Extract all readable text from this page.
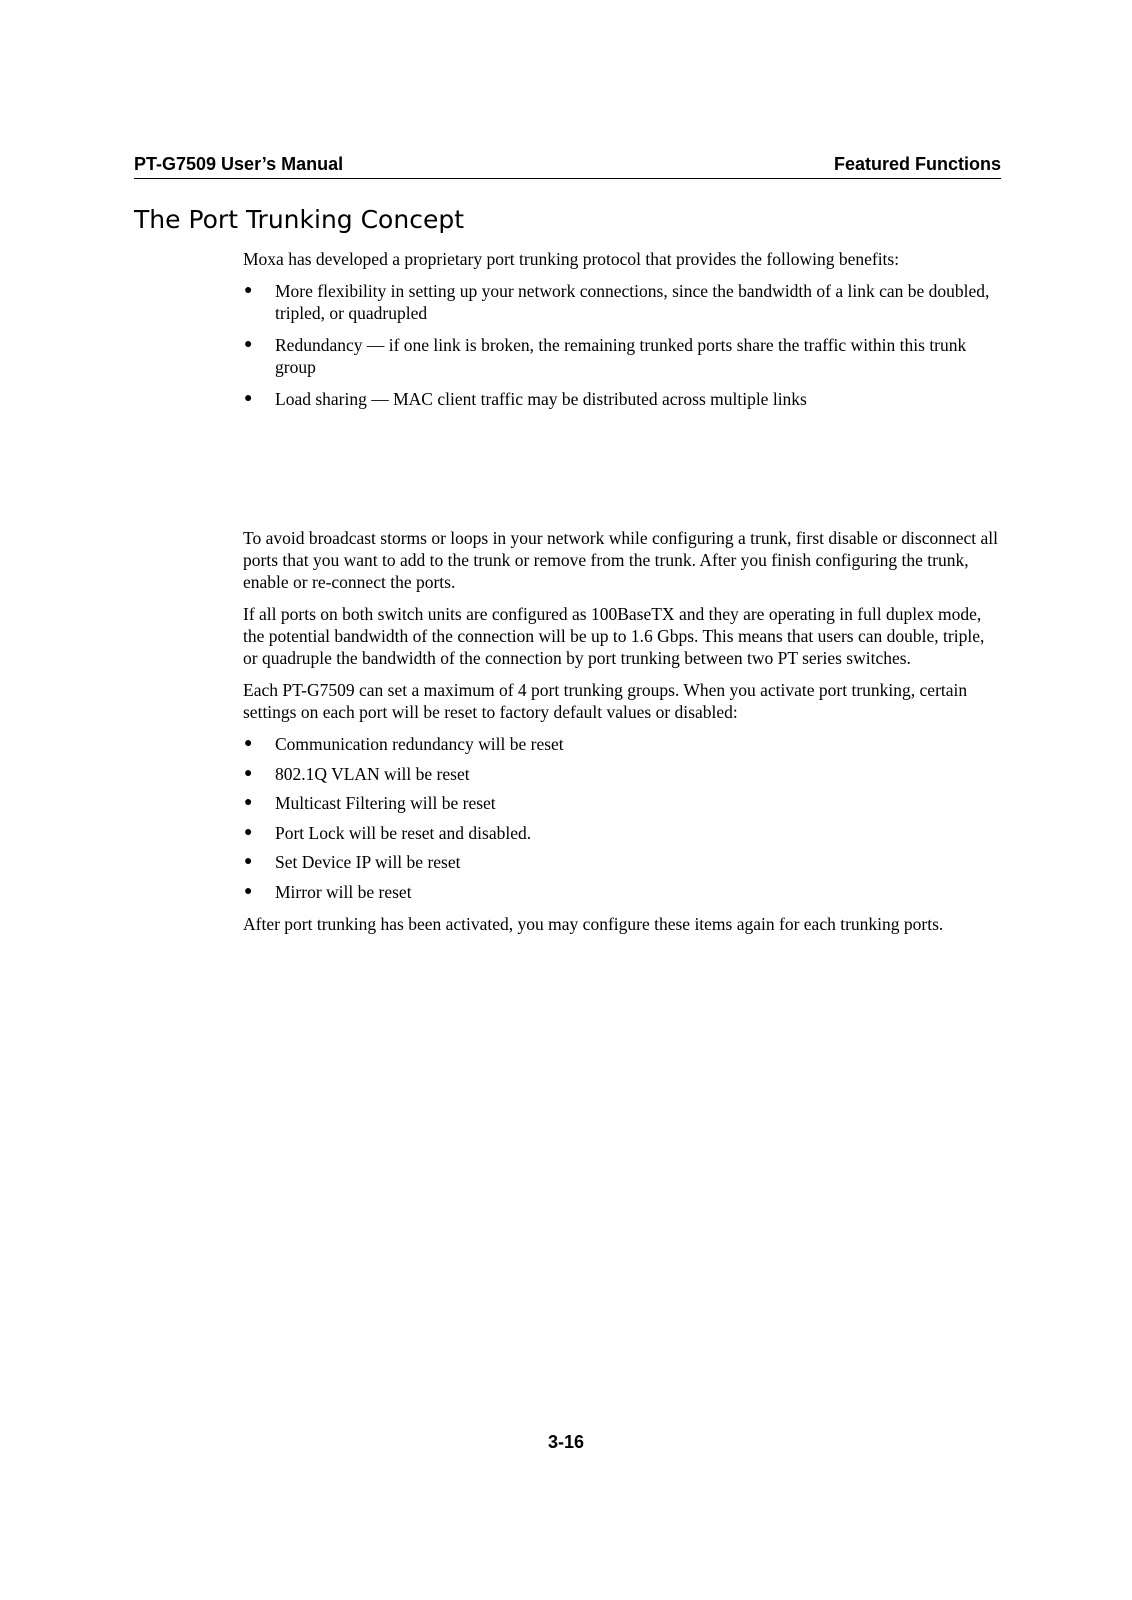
PT-G7509 User’s Manual	Featured Functions
The Port Trunking Concept

Moxa has developed a proprietary port trunking protocol that provides the following benefits:

● More flexibility in setting up your network connections, since the bandwidth of a link can be doubled, tripled, or quadrupled
● Redundancy — if one link is broken, the remaining trunked ports share the traffic within this trunk group
● Load sharing — MAC client traffic may be distributed across multiple links

To avoid broadcast storms or loops in your network while configuring a trunk, first disable or disconnect all ports that you want to add to the trunk or remove from the trunk. After you finish configuring the trunk, enable or re-connect the ports.

If all ports on both switch units are configured as 100BaseTX and they are operating in full duplex mode, the potential bandwidth of the connection will be up to 1.6 Gbps. This means that users can double, triple, or quadruple the bandwidth of the connection by port trunking between two PT series switches.

Each PT-G7509 can set a maximum of 4 port trunking groups. When you activate port trunking, certain settings on each port will be reset to factory default values or disabled:

● Communication redundancy will be reset
● 802.1Q VLAN will be reset
● Multicast Filtering will be reset
● Port Lock will be reset and disabled.
● Set Device IP will be reset
● Mirror will be reset

After port trunking has been activated, you may configure these items again for each trunking ports.

3-16
